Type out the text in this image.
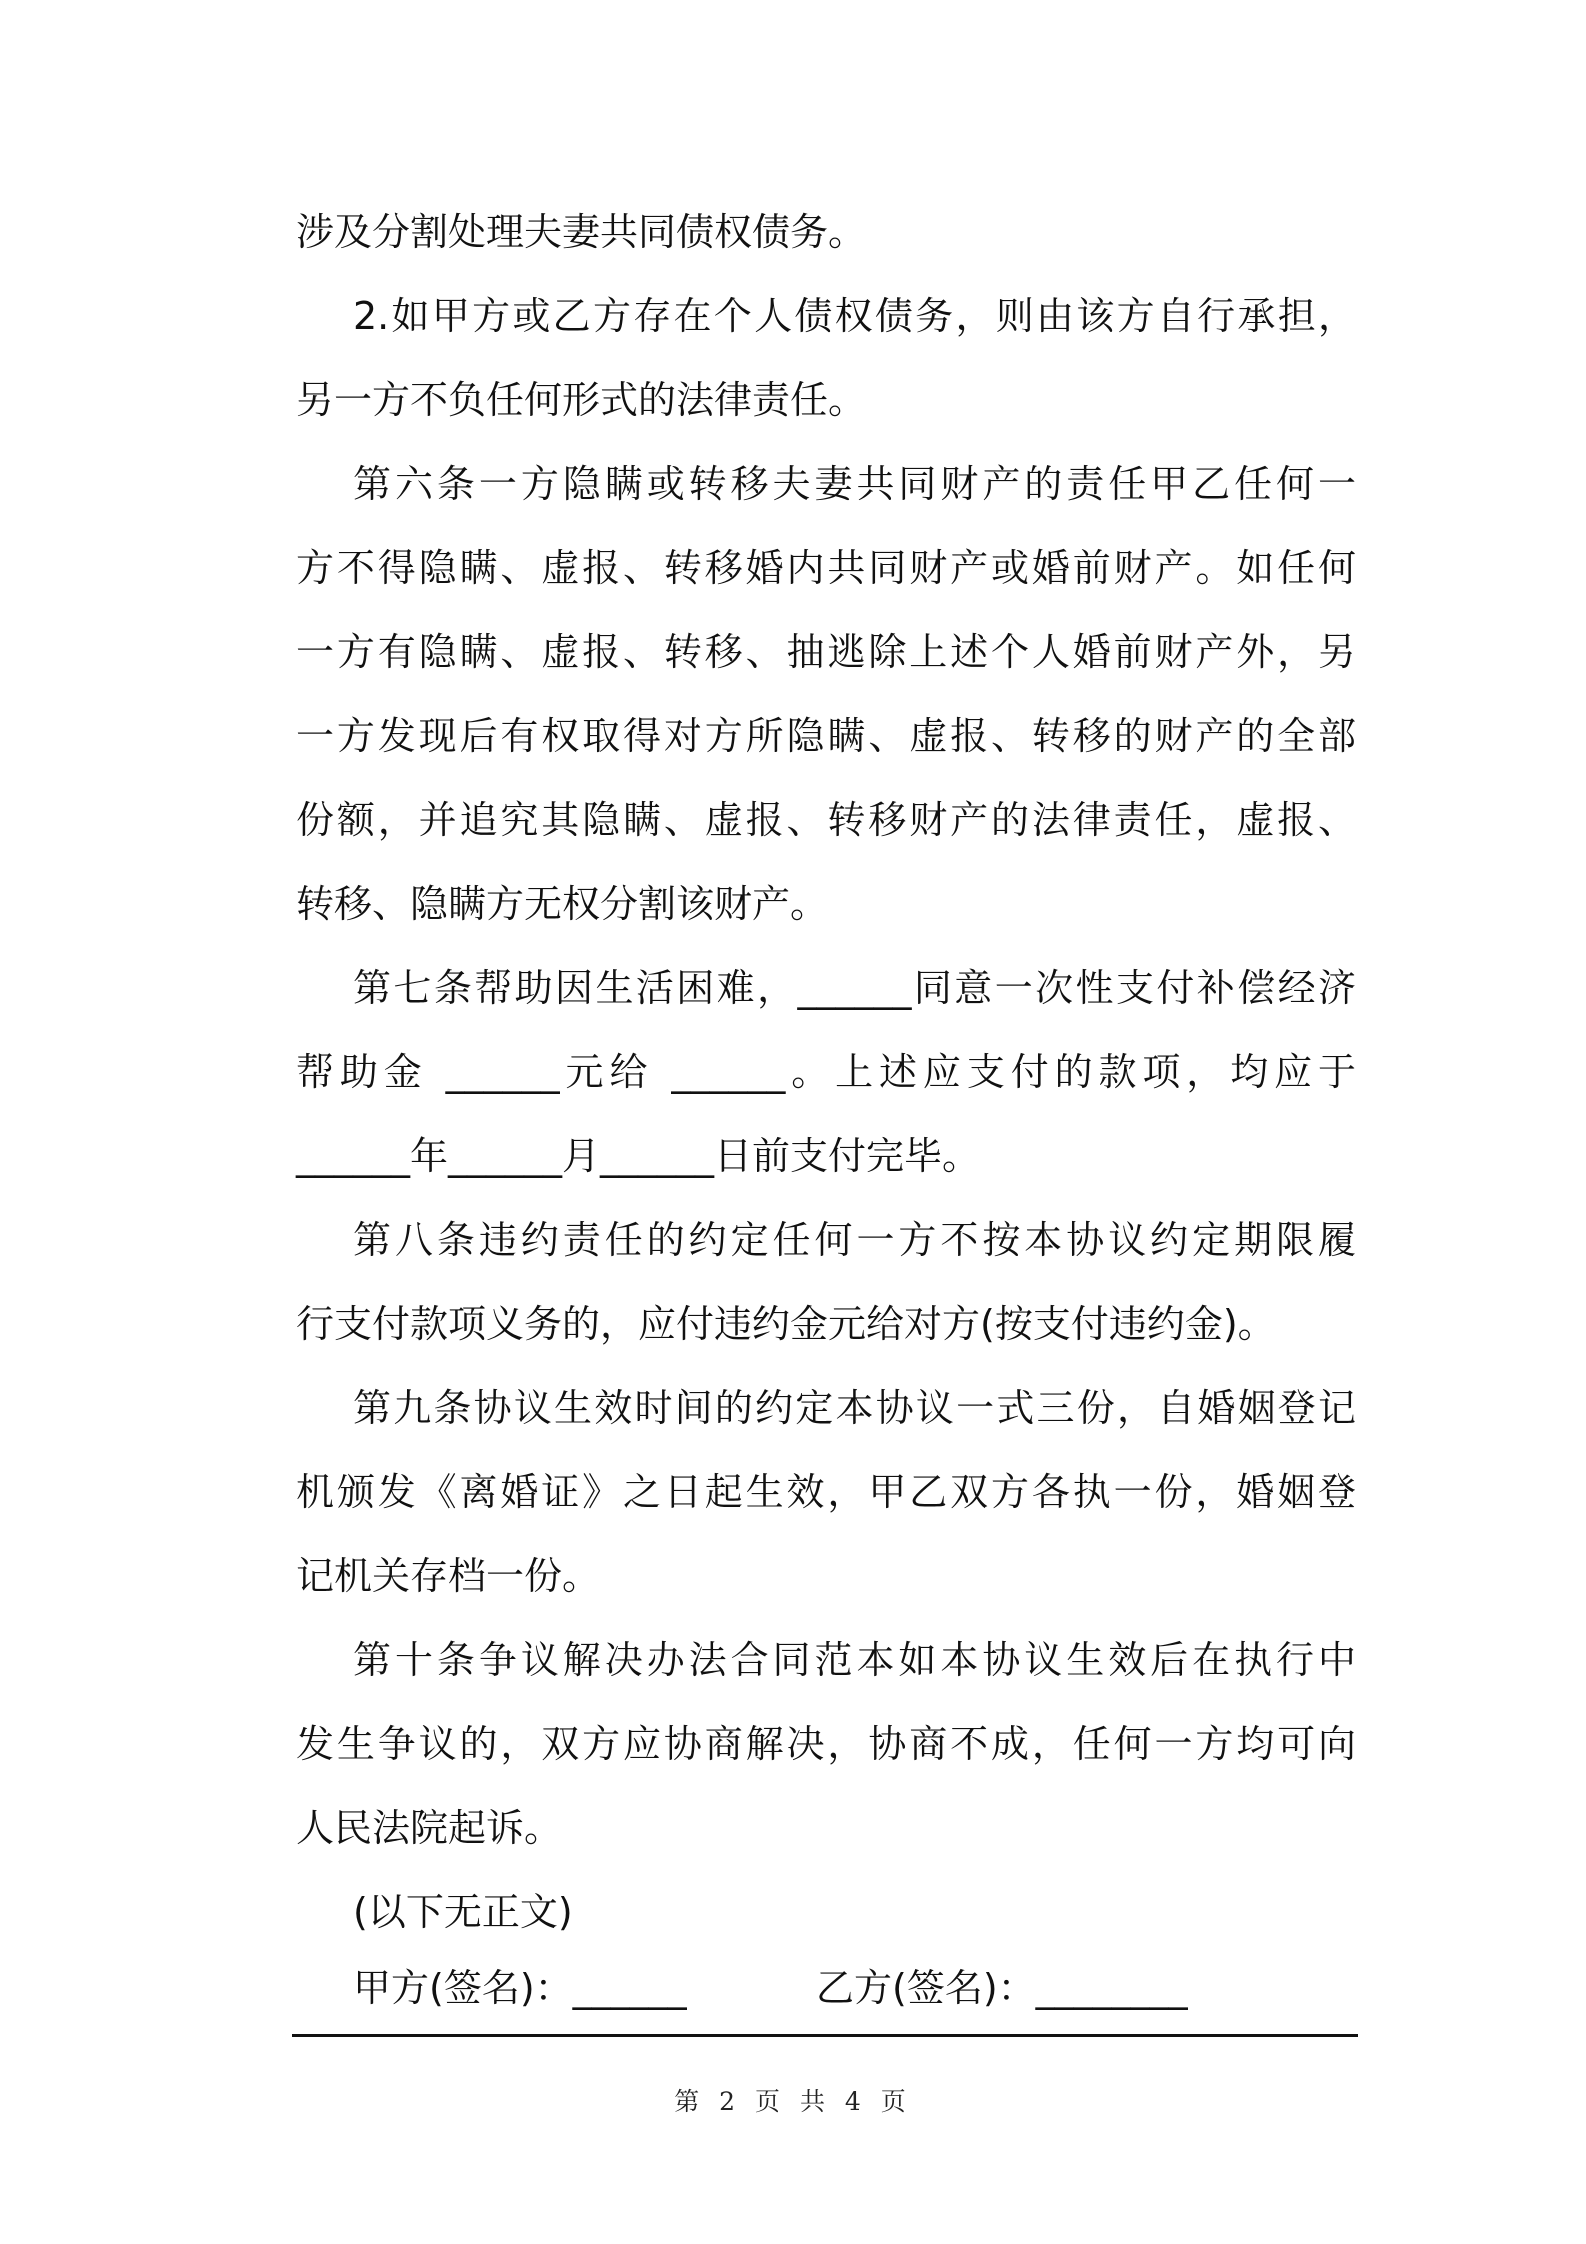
涉及分割处理夫妻共同债权债务。
2.如甲方或乙方存在个人债权债务，则由该方自行承担，
另一方不负任何形式的法律责任。
第六条一方隐瞒或转移夫妻共同财产的责任甲乙任何一
方不得隐瞒、虚报、转移婚内共同财产或婚前财产。如任何
一方有隐瞒、虚报、转移、抽逃除上述个人婚前财产外，另
一方发现后有权取得对方所隐瞒、虚报、转移的财产的全部
份额，并追究其隐瞒、虚报、转移财产的法律责任，虚报、
转移、隐瞒方无权分割该财产。
第七条帮助因生活困难，______同意一次性支付补偿经济
帮助金 ______元给 ______。上述应支付的款项，均应于
______年______月______日前支付完毕。
第八条违约责任的约定任何一方不按本协议约定期限履
行支付款项义务的，应付违约金元给对方(按支付违约金)。
第九条协议生效时间的约定本协议一式三份，自婚姻登记
机颁发《离婚证》之日起生效，甲乙双方各执一份，婚姻登
记机关存档一份。
第十条争议解决办法合同范本如本协议生效后在执行中
发生争议的，双方应协商解决，协商不成，任何一方均可向
人民法院起诉。
(以下无正文)
甲方(签名)：______	乙方(签名)：________
第 2 页 共 4 页
